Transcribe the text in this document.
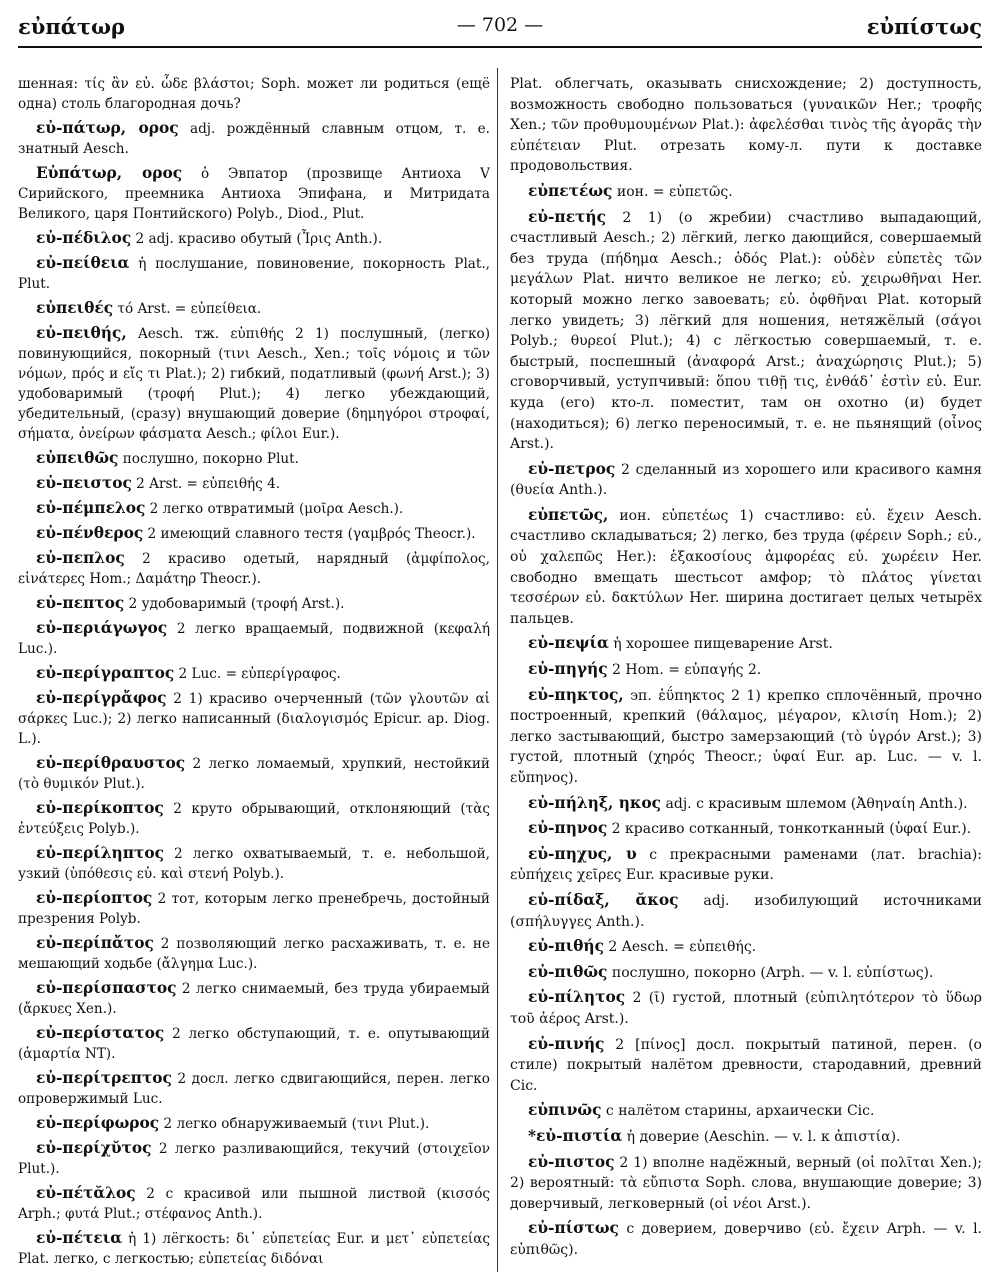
εὐπάτωρ	— 702 —	εὐπίστως

шенная: τίς ἂν εὐ. ὧδε βλάστοι; Soph. может ли родиться (ещё одна) столь благородная дочь?

εὐ-πάτωρ, ορος adj. рождённый славным отцом, т. е. знатный Aesch.

Εὐπάτωρ, ορος ὁ Эвпатор (прозвище Антиоха V Сирийского, преемника Антиоха Эпифана, и Митридата Великого, царя Понтийского) Polyb., Diod., Plut.

εὐ-πέδιλος 2 adj. красиво обутый (Ἶρις Anth.).

εὐ-πείθεια ἡ послушание, повиновение, покорность Plat., Plut.

εὐπειθές τό Arst. = εὐπείθεια.

εὐ-πειθής, Aesch. тж. εὐπιθής 2 1) послушный, (легко) повинующийся, покорный (τινι Aesch., Xen.; τοῖς νόμοις и τῶν νόμων, πρός и εἴς τι Plat.); 2) гибкий, податливый (φωνή Arst.); 3) удобоваримый (τροφή Plut.); 4) легко убеждающий, убедительный, (сразу) внушающий доверие (δημηγόροι στροφαί, σήματα, ὀνείρων φάσματα Aesch.; φίλοι Eur.).

εὐπειθῶς послушно, покорно Plut.

εὐ-πειστος 2 Arst. = εὐπειθής 4.

εὐ-πέμπελος 2 легко отвратимый (μοῖρα Aesch.).

εὐ-πένθερος 2 имеющий славного тестя (γαμβρός Theocr.).

εὐ-πεπλος 2 красиво одетый, нарядный (ἀμφίπολος, εἰνάτερες Hom.; Δαμάτηρ Theocr.).

εὐ-πεπτος 2 удобоваримый (τροφή Arst.).

εὐ-περιάγωγος 2 легко вращаемый, подвижной (κεφαλή Luc.).

εὐ-περίγραπτος 2 Luc. = εὐπερίγραφος.

εὐ-περίγρἄφος 2 1) красиво очерченный (τῶν γλουτῶν αἱ σάρκες Luc.); 2) легко написанный (διαλογισμός Epicur. ap. Diog. L.).

εὐ-περίθραυστος 2 легко ломаемый, хрупкий, нестойкий (τὸ θυμικόν Plut.).

εὐ-περίκοπτος 2 круто обрывающий, отклоняющий (τὰς ἐντεύξεις Polyb.).

εὐ-περίληπτος 2 легко охватываемый, т. е. небольшой, узкий (ὑπόθεσις εὐ. καὶ στενή Polyb.).

εὐ-περίοπτος 2 тот, которым легко пренебречь, достойный презрения Polyb.

εὐ-περίπἄτος 2 позволяющий легко расхаживать, т. е. не мешающий ходьбе (ἄλγημα Luc.).

εὐ-περίσπαστος 2 легко снимаемый, без труда убираемый (ἄρκυες Xen.).

εὐ-περίστατος 2 легко обступающий, т. е. опутывающий (ἁμαρτία NT).

εὐ-περίτρεπτος 2 досл. легко сдвигающийся, перен. легко опровержимый Luc.

εὐ-περίφωρος 2 легко обнаруживаемый (τινι Plut.).

εὐ-περίχῠτος 2 легко разливающийся, текучий (στοιχεῖον Plut.).

εὐ-πέτᾰλος 2 с красивой или пышной листвой (κισσός Arph.; φυτά Plut.; στέφανος Anth.).

εὐ-πέτεια ἡ 1) лёгкость: δι᾽ εὐπετείας Eur. и μετ᾽ εὐπετείας Plat. легко, с легкостью; εὐπετείας διδόναι

Plat. облегчать, оказывать снисхождение; 2) доступность, возможность свободно пользоваться (γυναικῶν Her.; τροφῆς Xen.; τῶν προθυμουμένων Plat.): ἀφελέσθαι τινὸς τῆς ἀγορᾶς τὴν εὐπέτειαν Plut. отрезать кому-л. пути к доставке продовольствия.

εὐπετέως ион. = εὐπετῶς.

εὐ-πετής 2 1) (о жребии) счастливо выпадающий, счастливый Aesch.; 2) лёгкий, легко дающийся, совершаемый без труда (πήδημα Aesch.; ὁδός Plat.): οὐδὲν εὐπετὲς τῶν μεγάλων Plat. ничто великое не легко; εὐ. χειρωθῆναι Her. который можно легко завоевать; εὐ. ὀφθῆναι Plat. который легко увидеть; 3) лёгкий для ношения, нетяжёлый (σάγοι Polyb.; θυρεοί Plut.); 4) с лёгкостью совершаемый, т. е. быстрый, поспешный (ἀναφορά Arst.; ἀναχώρησις Plut.); 5) сговорчивый, уступчивый: ὅπου τιθῇ τις, ἐνθάδ᾽ ἐστὶν εὐ. Eur. куда (его) кто-л. поместит, там он охотно (и) будет (находиться); 6) легко переносимый, т. е. не пьянящий (οἶνος Arst.).

εὐ-πετρος 2 сделанный из хорошего или красивого камня (θυεία Anth.).

εὐπετῶς, ион. εὐπετέως 1) счастливо: εὐ. ἔχειν Aesch. счастливо складываться; 2) легко, без труда (φέρειν Soph.; εὐ., οὐ χαλεπῶς Her.): ἑξακοσίους ἀμφορέας εὐ. χωρέειν Her. свободно вмещать шестьсот амфор; τὸ πλάτος γίνεται τεσσέρων εὐ. δακτύλων Her. ширина достигает целых четырёх пальцев.

εὐ-πεψία ἡ хорошее пищеварение Arst.

εὐ-πηγής 2 Hom. = εὐπαγής 2.

εὐ-πηκτος, эп. ἐΰπηκτος 2 1) крепко сплочённый, прочно построенный, крепкий (θάλαμος, μέγαρον, κλισίη Hom.); 2) легко застывающий, быстро замерзающий (τὸ ὑγρόν Arst.); 3) густой, плотный (χηρός Theocr.; ὑφαί Eur. ap. Luc. — v. l. εὔπηνος).

εὐ-πήληξ, ηκος adj. с красивым шлемом (Ἀθηναίη Anth.).

εὐ-πηνος 2 красиво сотканный, тонкотканный (ὑφαί Eur.).

εὐ-πηχυς, υ с прекрасными раменами (лат. brachia): εὐπήχεις χεῖρες Eur. красивые руки.

εὐ-πίδαξ, ᾰκος adj. изобилующий источниками (σπήλυγγες Anth.).

εὐ-πιθής 2 Aesch. = εὐπειθής.

εὐ-πιθῶς послушно, покорно (Arph. — v. l. εὐπίστως).

εὐ-πίλητος 2 (ῑ) густой, плотный (εὐπιλητότερον τὸ ὕδωρ τοῦ ἀέρος Arst.).

εὐ-πινής 2 [πίνος] досл. покрытый патиной, перен. (о стиле) покрытый налётом древности, стародавний, древний Cic.

εὐπινῶς с налётом старины, архаически Cic.

*εὐ-πιστία ἡ доверие (Aeschin. — v. l. к ἀπιστία).

εὐ-πιστος 2 1) вполне надёжный, верный (οἱ πολῖται Xen.); 2) вероятный: τὰ εὔπιστα Soph. слова, внушающие доверие; 3) доверчивый, легковерный (οἱ νέοι Arst.).

εὐ-πίστως с доверием, доверчиво (εὐ. ἔχειν Arph. — v. l. εὐπιθῶς).
